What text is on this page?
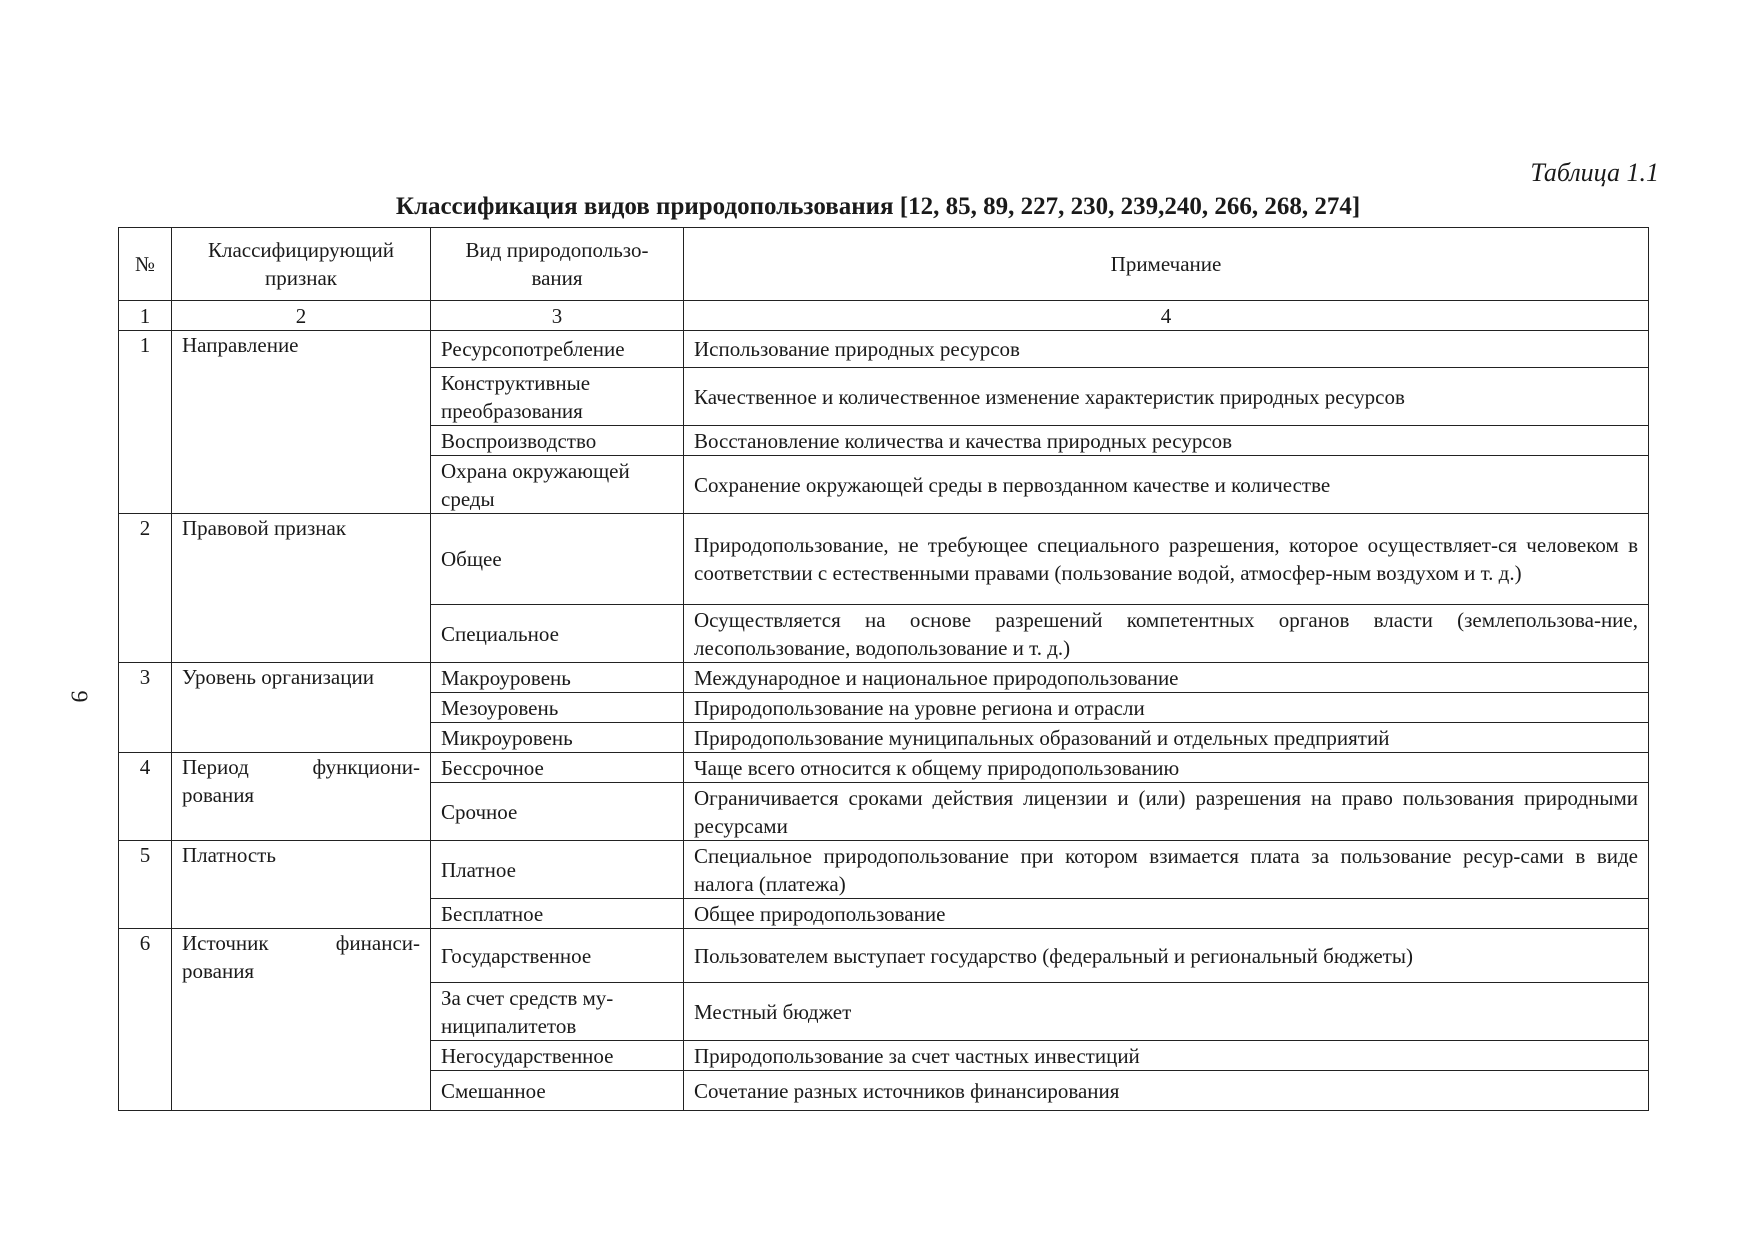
Таблица 1.1
Классификация видов природопользования [12, 85, 89, 227, 230, 239,240, 266, 268, 274]
9
№	Классифицирующий признак	Вид природопользо-вания	Примечание
1	2	3	4
1	Направление	Ресурсопотребление	Использование природных ресурсов
		Конструктивные преобразования	Качественное и количественное изменение характеристик природных ресурсов
		Воспроизводство	Восстановление количества и качества природных ресурсов
		Охрана окружающей среды	Сохранение окружающей среды в первозданном качестве и количестве
2	Правовой признак	Общее	Природопользование, не требующее специального разрешения, которое осуществляет-ся человеком в соответствии с естественными правами (пользование водой, атмосфер-ным воздухом и т. д.)
		Специальное	Осуществляется на основе разрешений компетентных органов власти (землепользова-ние, лесопользование, водопользование и т. д.)
3	Уровень организации	Макроуровень	Международное и национальное природопользование
		Мезоуровень	Природопользование на уровне региона и отрасли
		Микроуровень	Природопользование муниципальных образований и отдельных предприятий
4	Период функциони-рования	Бессрочное	Чаще всего относится к общему природопользованию
		Срочное	Ограничивается сроками действия лицензии и (или) разрешения на право пользования природными ресурсами
5	Платность	Платное	Специальное природопользование при котором взимается плата за пользование ресур-сами в виде налога (платежа)
		Бесплатное	Общее природопользование
6	Источник финанси-рования	Государственное	Пользователем выступает государство (федеральный и региональный бюджеты)
		За счет средств му-ниципалитетов	Местный бюджет
		Негосударственное	Природопользование за счет частных инвестиций
		Смешанное	Сочетание разных источников финансирования
